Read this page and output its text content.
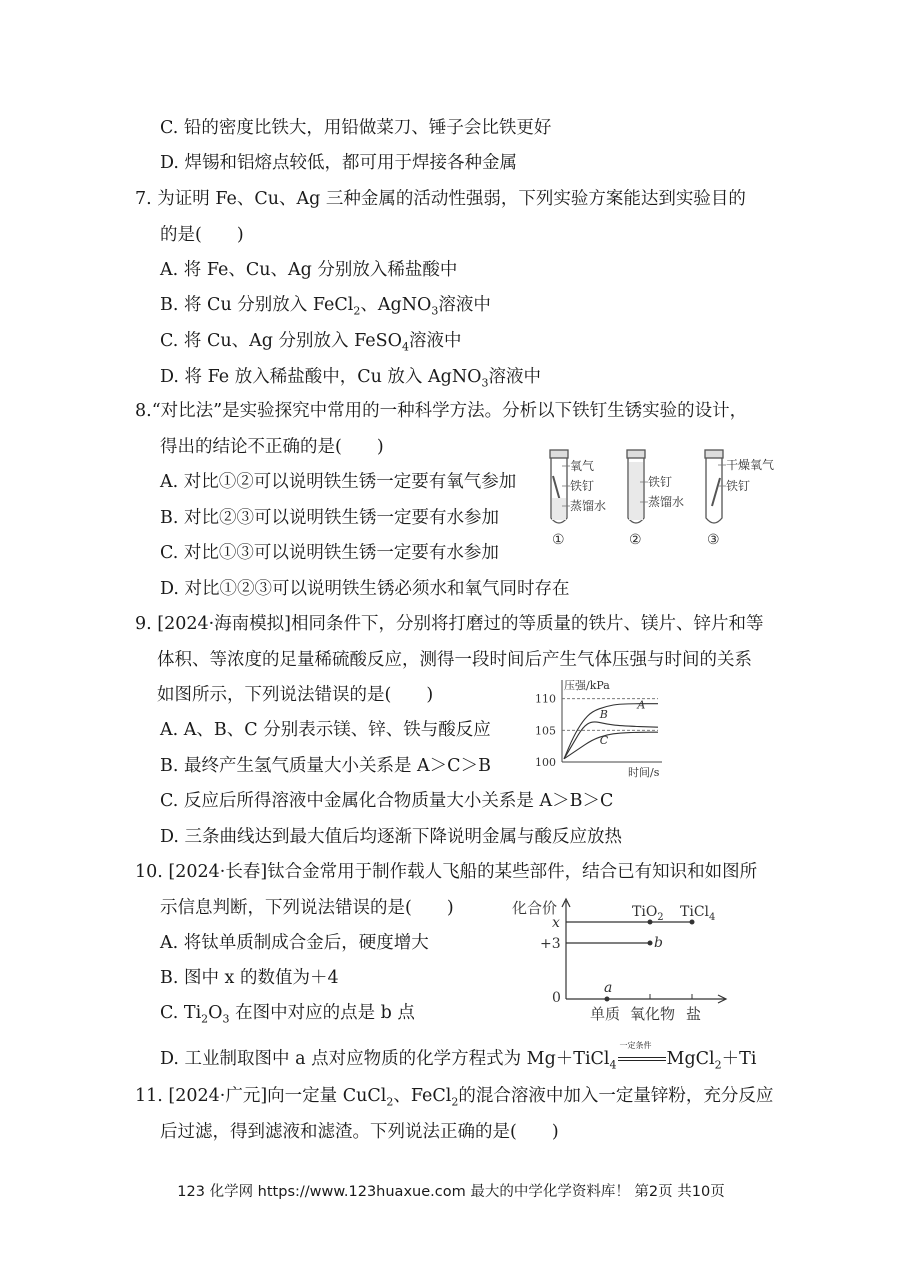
C. 铅的密度比铁大，用铅做菜刀、锤子会比铁更好
D. 焊锡和铝熔点较低，都可用于焊接各种金属
7. 为证明 Fe、Cu、Ag 三种金属的活动性强弱，下列实验方案能达到实验目的
的是(　　)
A. 将 Fe、Cu、Ag 分别放入稀盐酸中
B. 将 Cu 分别放入 FeCl$_2$、AgNO$_3$溶液中
C. 将 Cu、Ag 分别放入 FeSO$_4$溶液中
D. 将 Fe 放入稀盐酸中，Cu 放入 AgNO$_3$溶液中
8.“对比法”是实验探究中常用的一种科学方法。分析以下铁钉生锈实验的设计，
得出的结论不正确的是(　　)
A. 对比①②可以说明铁生锈一定要有氧气参加
B. 对比②③可以说明铁生锈一定要有水参加
C. 对比①③可以说明铁生锈一定要有水参加
D. 对比①②③可以说明铁生锈必须水和氧气同时存在
氧气
铁钉
蒸馏水
铁钉
蒸馏水
干燥氧气
铁钉
①	②	③
9. [2024·海南模拟]相同条件下，分别将打磨过的等质量的铁片、镁片、锌片和等
体积、等浓度的足量稀硫酸反应，测得一段时间后产生气体压强与时间的关系
如图所示，下列说法错误的是(　　)
A. A、B、C 分别表示镁、锌、铁与酸反应
B. 最终产生氢气质量大小关系是 A＞C＞B
C. 反应后所得溶液中金属化合物质量大小关系是 A＞B＞C
D. 三条曲线达到最大值后均逐渐下降说明金属与酸反应放热
压强/kPa
时间/s
110
105
100
A
B
C
10. [2024·长春]钛合金常用于制作载人飞船的某些部件，结合已有知识和如图所
示信息判断，下列说法错误的是(　　)
A. 将钛单质制成合金后，硬度增大
B. 图中 x 的数值为＋4
C. $Ti_2O_3$ 在图中对应的点是 b 点
D. 工业制取图中 a 点对应物质的化学方程式为 Mg＋TiCl$_4$
一定条件
MgCl$_2$＋Ti
化合价
x
+3
0
TiO$_2$ TiCl$_4$
b
a
单质 氧化物 盐
11. [2024·广元]向一定量 CuCl$_2$、FeCl$_2$的混合溶液中加入一定量锌粉，充分反应
后过滤，得到滤液和滤渣。下列说法正确的是(　　)
123 化学网 https://www.123huaxue.com 最大的中学化学资料库！ 第2页 共10页
